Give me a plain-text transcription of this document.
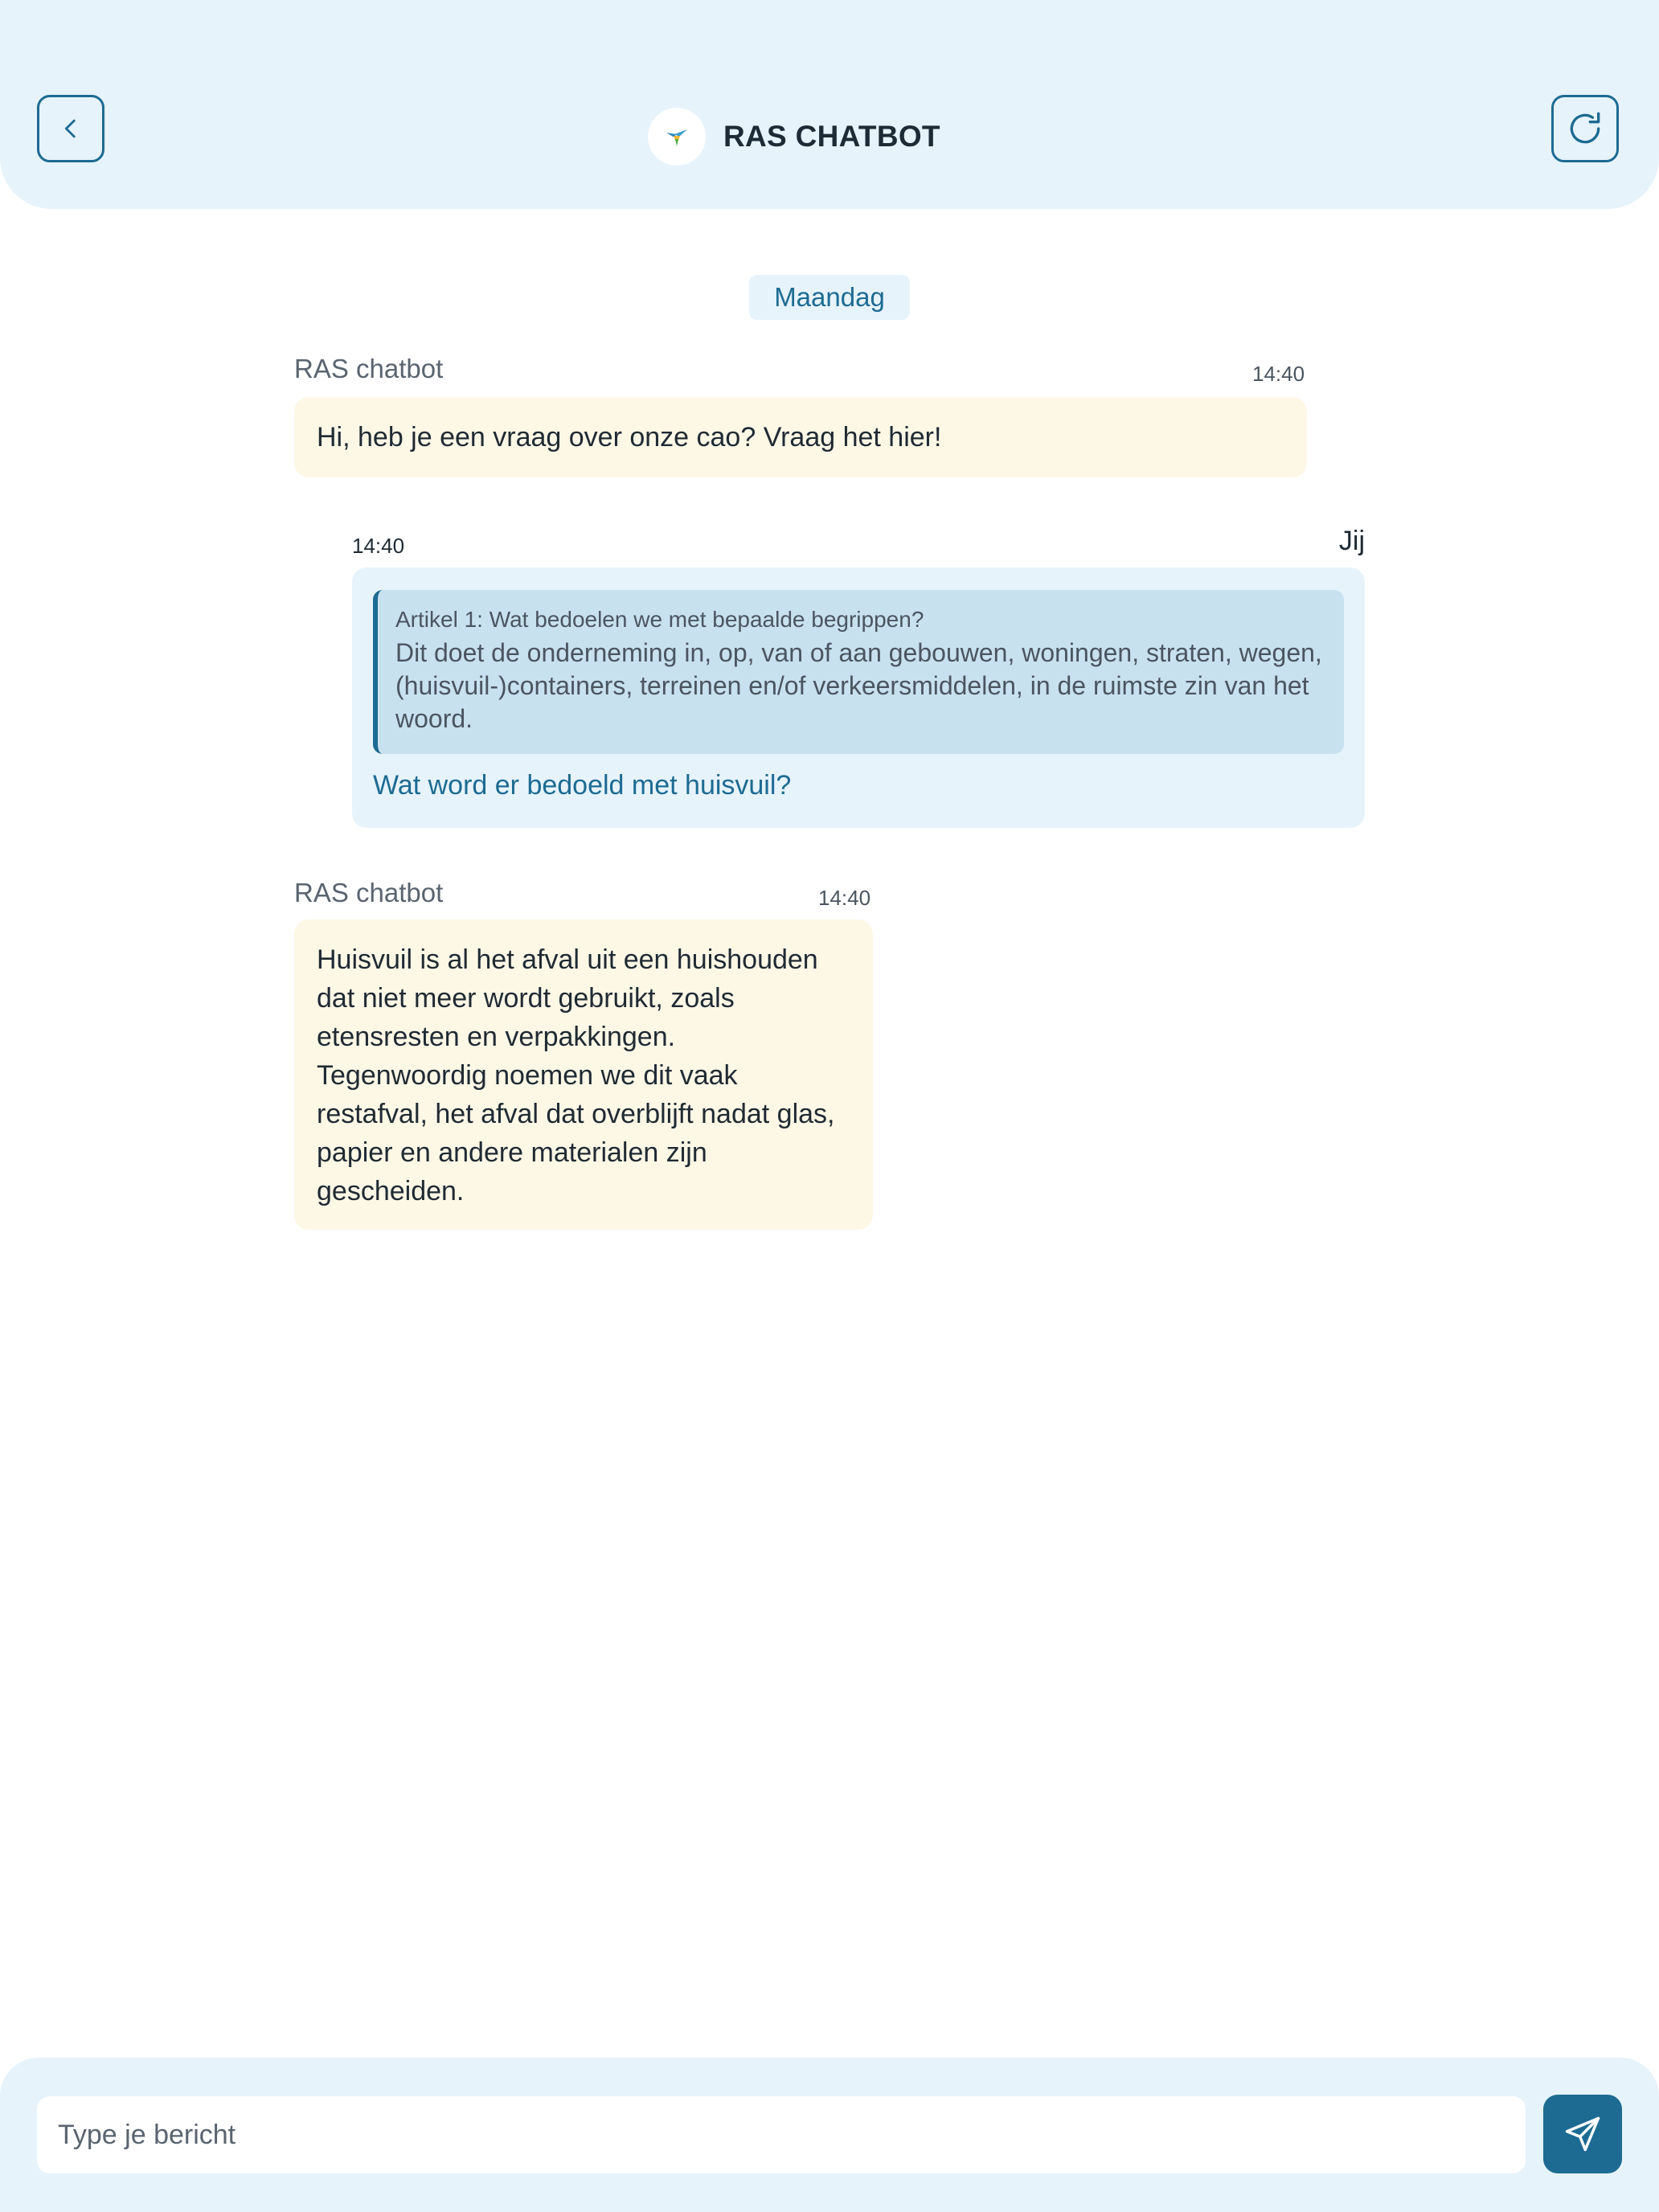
RAS CHATBOT
Maandag
RAS chatbot	14:40
Hi, heb je een vraag over onze cao? Vraag het hier!
14:40	Jij
Artikel 1: Wat bedoelen we met bepaalde begrippen?
Dit doet de onderneming in, op, van of aan gebouwen, woningen, straten, wegen, (huisvuil-)containers, terreinen en/of verkeersmiddelen, in de ruimste zin van het woord.
Wat word er bedoeld met huisvuil?
RAS chatbot	14:40
Huisvuil is al het afval uit een huishouden dat niet meer wordt gebruikt, zoals etensresten en verpakkingen. Tegenwoordig noemen we dit vaak restafval, het afval dat overblijft nadat glas, papier en andere materialen zijn gescheiden.
Type je bericht
